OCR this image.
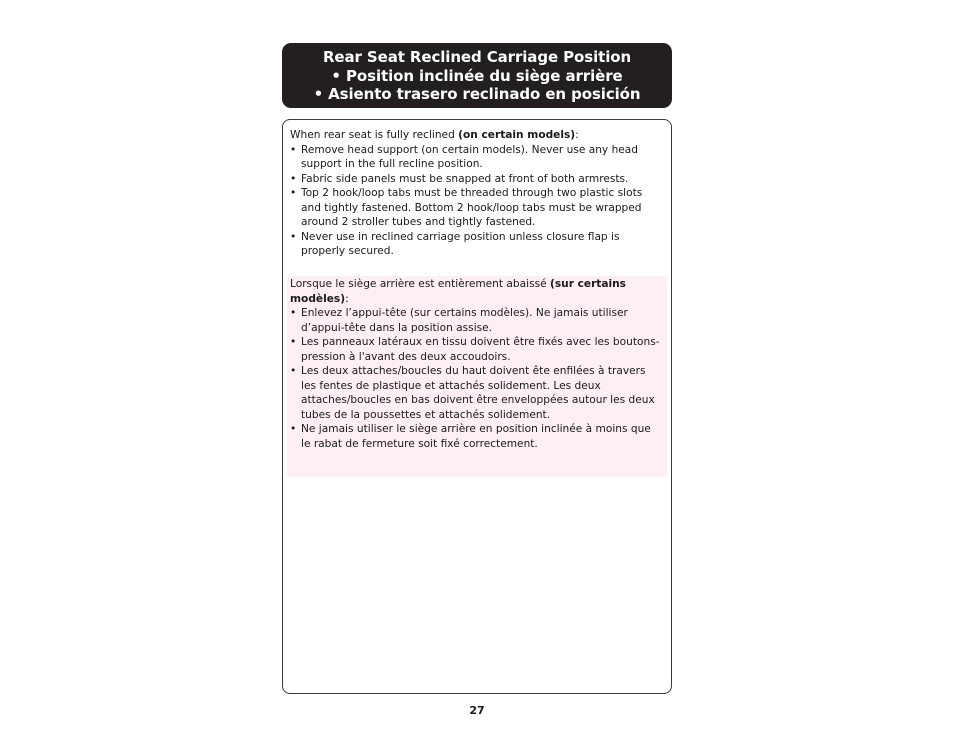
Rear Seat Reclined Carriage Position
• Position inclinée du siège arrière
• Asiento trasero reclinado en posición

When rear seat is fully reclined (on certain models):

• Remove head support (on certain models). Never use any head support in the full recline position.
• Fabric side panels must be snapped at front of both armrests.
• Top 2 hook/loop tabs must be threaded through two plastic slots and tightly fastened. Bottom 2 hook/loop tabs must be wrapped around 2 stroller tubes and tightly fastened.
• Never use in reclined carriage position unless closure flap is properly secured.

Lorsque le siège arrière est entièrement abaissé (sur certains modèles):

• Enlevez l’appui-tête (sur certains modèles). Ne jamais utiliser d’appui-tête dans la position assise.
• Les panneaux latéraux en tissu doivent être fixés avec les boutons-pression à l'avant des deux accoudoirs.
• Les deux attaches/boucles du haut doivent ête enfilées à travers les fentes de plastique et attachés solidement. Les deux attaches/boucles en bas doivent être enveloppées autour les deux tubes de la poussettes et attachés solidement.
• Ne jamais utiliser le siège arrière en position inclinée à moins que le rabat de fermeture soit fixé correctement.
27
